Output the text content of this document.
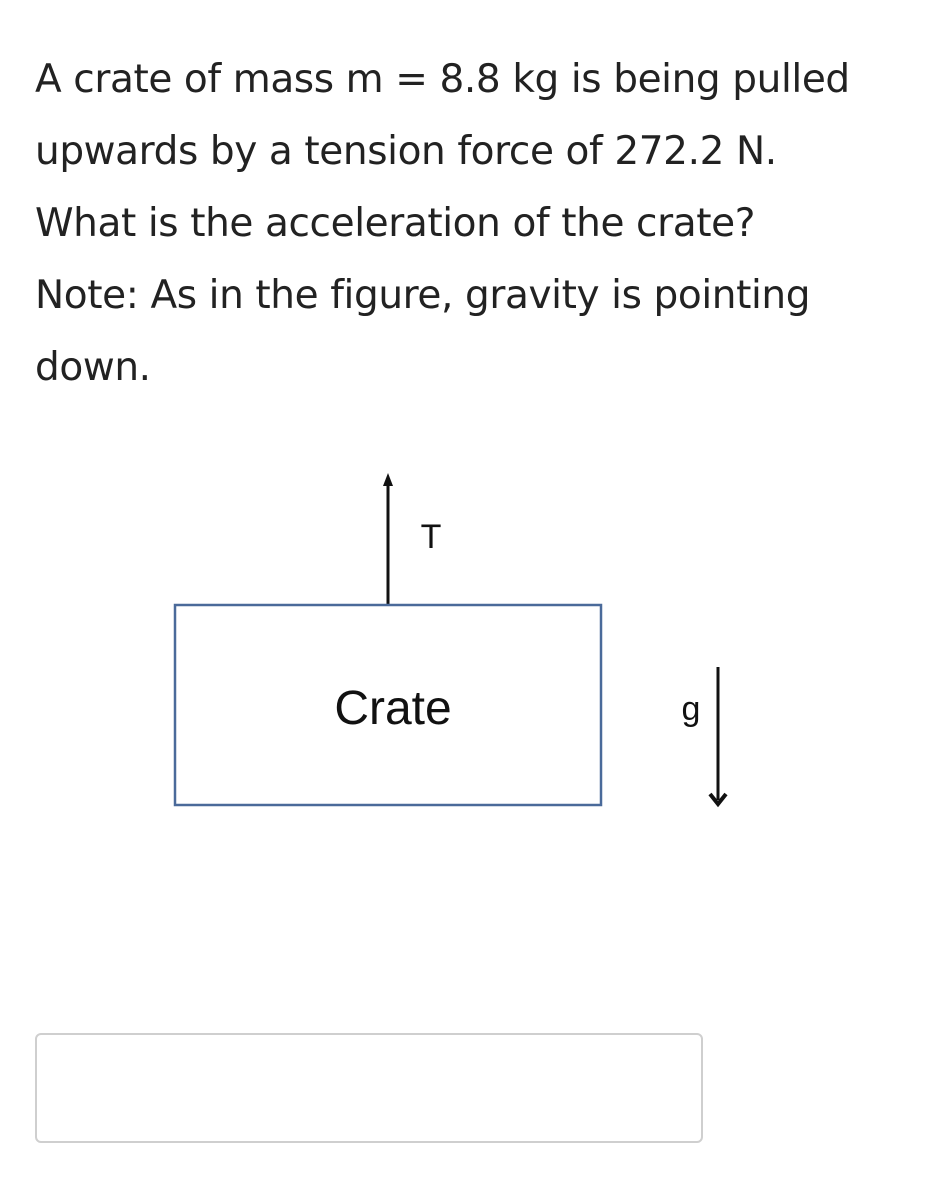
A crate of mass m = 8.8 kg is being pulled
upwards by a tension force of 272.2 N.
What is the acceleration of the crate?
Note: As in the figure, gravity is pointing
down.
T
Crate	g
